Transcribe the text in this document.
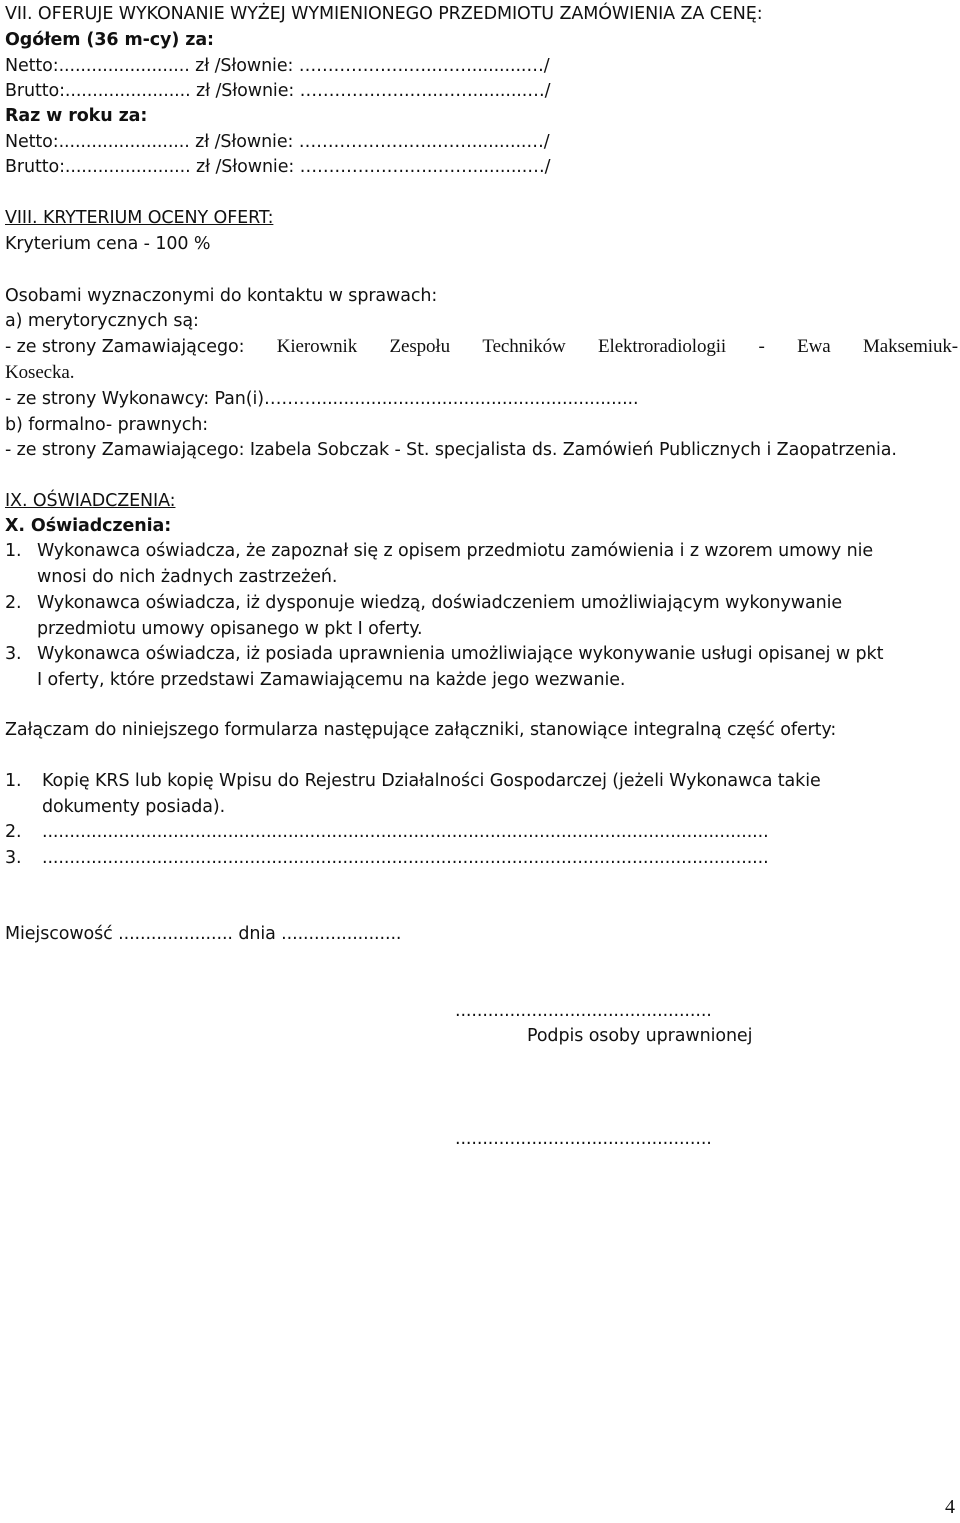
VII. OFERUJE WYKONANIE WYŻEJ WYMIENIONEGO PRZEDMIOTU ZAMÓWIENIA ZA CENĘ:
Ogółem (36 m-cy) za:
Netto:........................ zł /Słownie: ……………….…..……..........…/
Brutto:....................... zł /Słownie: ……………….…..……..........…/
Raz w roku za:
Netto:........................ zł /Słownie: ……………….…..……..........…/
Brutto:....................... zł /Słownie: ……………….…..……..........…/
VIII. KRYTERIUM OCENY OFERT:
Kryterium cena - 100 %
Osobami wyznaczonymi do kontaktu w sprawach:
a) merytorycznych są:
- ze strony Zamawiającego: Kierownik Zespołu Techników Elektroradiologii - Ewa Maksemiuk-
Kosecka.
- ze strony Wykonawcy: Pan(i)………...........................................................
b) formalno- prawnych:
- ze strony Zamawiającego: Izabela Sobczak - St. specjalista ds. Zamówień Publicznych i Zaopatrzenia.
IX. OŚWIADCZENIA:
X. Oświadczenia:
1. Wykonawca oświadcza, że zapoznał się z opisem przedmiotu zamówienia i z wzorem umowy nie
wnosi do nich żadnych zastrzeżeń.
2. Wykonawca oświadcza, iż dysponuje wiedzą, doświadczeniem umożliwiającym wykonywanie
przedmiotu umowy opisanego w pkt I oferty.
3. Wykonawca oświadcza, iż posiada uprawnienia umożliwiające wykonywanie usługi opisanej w pkt
I oferty, które przedstawi Zamawiającemu na każde jego wezwanie.
Załączam do niniejszego formularza następujące załączniki, stanowiące integralną część oferty:
1. Kopię KRS lub kopię Wpisu do Rejestru Działalności Gospodarczej (jeżeli Wykonawca takie
dokumenty posiada).
2. .....................................................................................................................................
3. .....................................................................................................................................
Miejscowość ..................... dnia ......................
...............................................
Podpis osoby uprawnionej
...............................................
4
